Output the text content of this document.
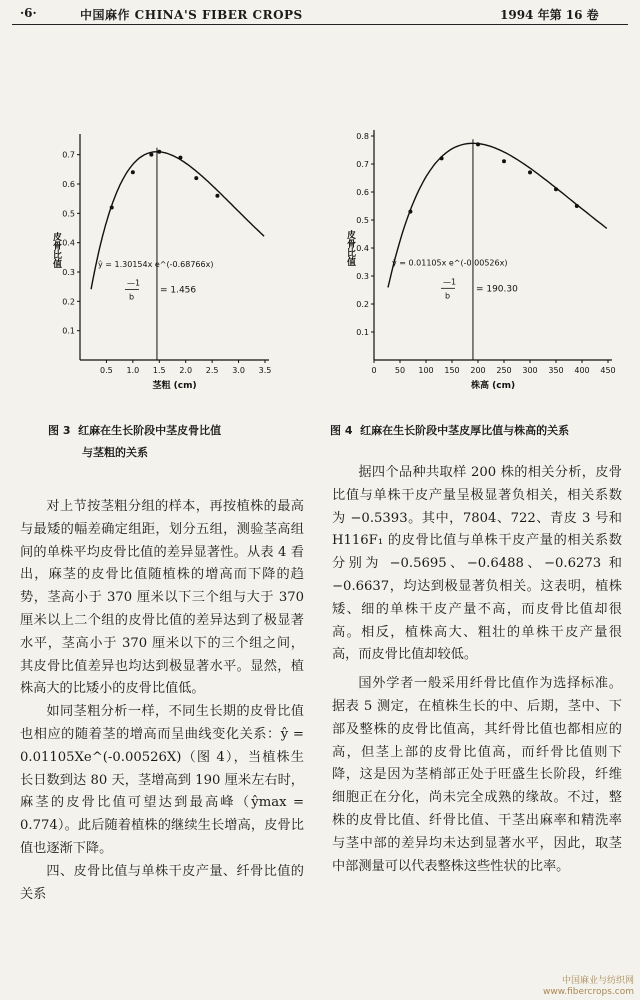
·6·	中国麻作 CHINA'S FIBER CROPS	1994 年第 16 卷
0.1
0.2
0.3
0.4
0.5
0.6
0.7
0.5 1.0 1.5 2.0 2.5 3.0 3.5
茎粗 (cm)
皮骨比值	ŷ = 1.30154x e^(-0.68766x)
—1
b
= 1.456
0.1
0.2
0.3
0.4
0.5
0.6
0.7
0.8
0 50 100 150 200 250 300 350 400 450
株高 (cm)
皮骨比值	ŷ = 0.01105x e^(-0.00526x)
—1
b
= 190.30
图 3 红麻在生长阶段中茎皮骨比值
与茎粗的关系
图 4 红麻在生长阶段中茎皮厚比值与株高的关系

对上节按茎粗分组的样本，再按植株的最高与最矮的幅差确定组距，划分五组，测验茎高组间的单株平均皮骨比值的差异显著性。从表 4 看出，麻茎的皮骨比值随植株的增高而下降的趋势，茎高小于 370 厘米以下三个组与大于 370 厘米以上二个组的皮骨比值的差异达到了极显著水平，茎高小于 370 厘米以下的三个组之间，其皮骨比值差异也均达到极显著水平。显然，植株高大的比矮小的皮骨比值低。

如同茎粗分析一样，不同生长期的皮骨比值也相应的随着茎的增高而呈曲线变化关系：ŷ = 0.01105Xe^(-0.00526X)（图 4），当植株生长日数到达 80 天，茎增高到 190 厘米左右时，麻茎的皮骨比值可望达到最高峰（ŷmax = 0.774）。此后随着植株的继续生长增高，皮骨比值也逐渐下降。

四、皮骨比值与单株干皮产量、纤骨比值的关系

据四个品种共取样 200 株的相关分析，皮骨比值与单株干皮产量呈极显著负相关，相关系数为 −0.5393。其中，7804、722、青皮 3 号和 H116F₁ 的皮骨比值与单株干皮产量的相关系数分别为 −0.5695、−0.6488、−0.6273 和 −0.6637，均达到极显著负相关。这表明，植株矮、细的单株干皮产量不高，而皮骨比值却很高。相反，植株高大、粗壮的单株干皮产量很高，而皮骨比值却较低。

国外学者一般采用纤骨比值作为选择标准。据表 5 测定，在植株生长的中、后期，茎中、下部及整株的皮骨比值高，其纤骨比值也都相应的高，但茎上部的皮骨比值高，而纤骨比值则下降，这是因为茎梢部正处于旺盛生长阶段，纤维细胞正在分化，尚未完全成熟的缘故。不过，整株的皮骨比值、纤骨比值、干茎出麻率和精洗率与茎中部的差异均未达到显著水平，因此，取茎中部测量可以代表整株这些性状的比率。

中国麻业与纺织网
www.fibercrops.com
